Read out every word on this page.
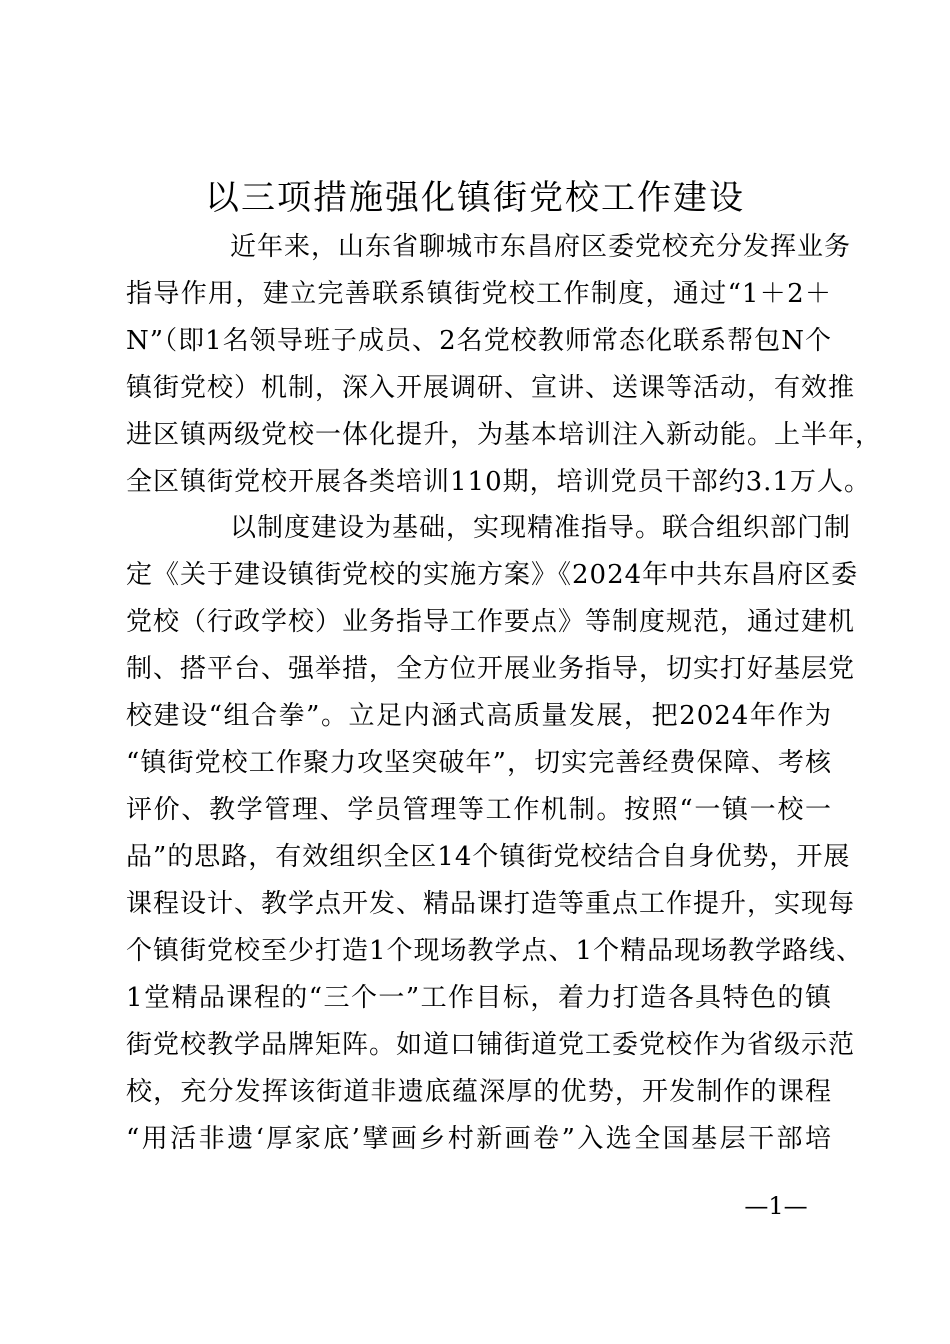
以三项措施强化镇街党校工作建设
近年来，山东省聊城市东昌府区委党校充分发挥业务
指导作用，建立完善联系镇街党校工作制度，通过“1＋2＋
N”（即1名领导班子成员、2名党校教师常态化联系帮包N个
镇街党校）机制，深入开展调研、宣讲、送课等活动，有效推
进区镇两级党校一体化提升，为基本培训注入新动能。上半年，
全区镇街党校开展各类培训110期，培训党员干部约3.1万人。
以制度建设为基础，实现精准指导。联合组织部门制
定《关于建设镇街党校的实施方案》《2024年中共东昌府区委
党校（行政学校）业务指导工作要点》等制度规范，通过建机
制、搭平台、强举措，全方位开展业务指导，切实打好基层党
校建设“组合拳”。立足内涵式高质量发展，把2024年作为
“镇街党校工作聚力攻坚突破年”，切实完善经费保障、考核
评价、教学管理、学员管理等工作机制。按照“一镇一校一
品”的思路，有效组织全区14个镇街党校结合自身优势，开展
课程设计、教学点开发、精品课打造等重点工作提升，实现每
个镇街党校至少打造1个现场教学点、1个精品现场教学路线、
1堂精品课程的“三个一”工作目标，着力打造各具特色的镇
街党校教学品牌矩阵。如道口铺街道党工委党校作为省级示范
校，充分发挥该街道非遗底蕴深厚的优势，开发制作的课程
“用活非遗‘厚家底’擘画乡村新画卷”入选全国基层干部培
—1—
